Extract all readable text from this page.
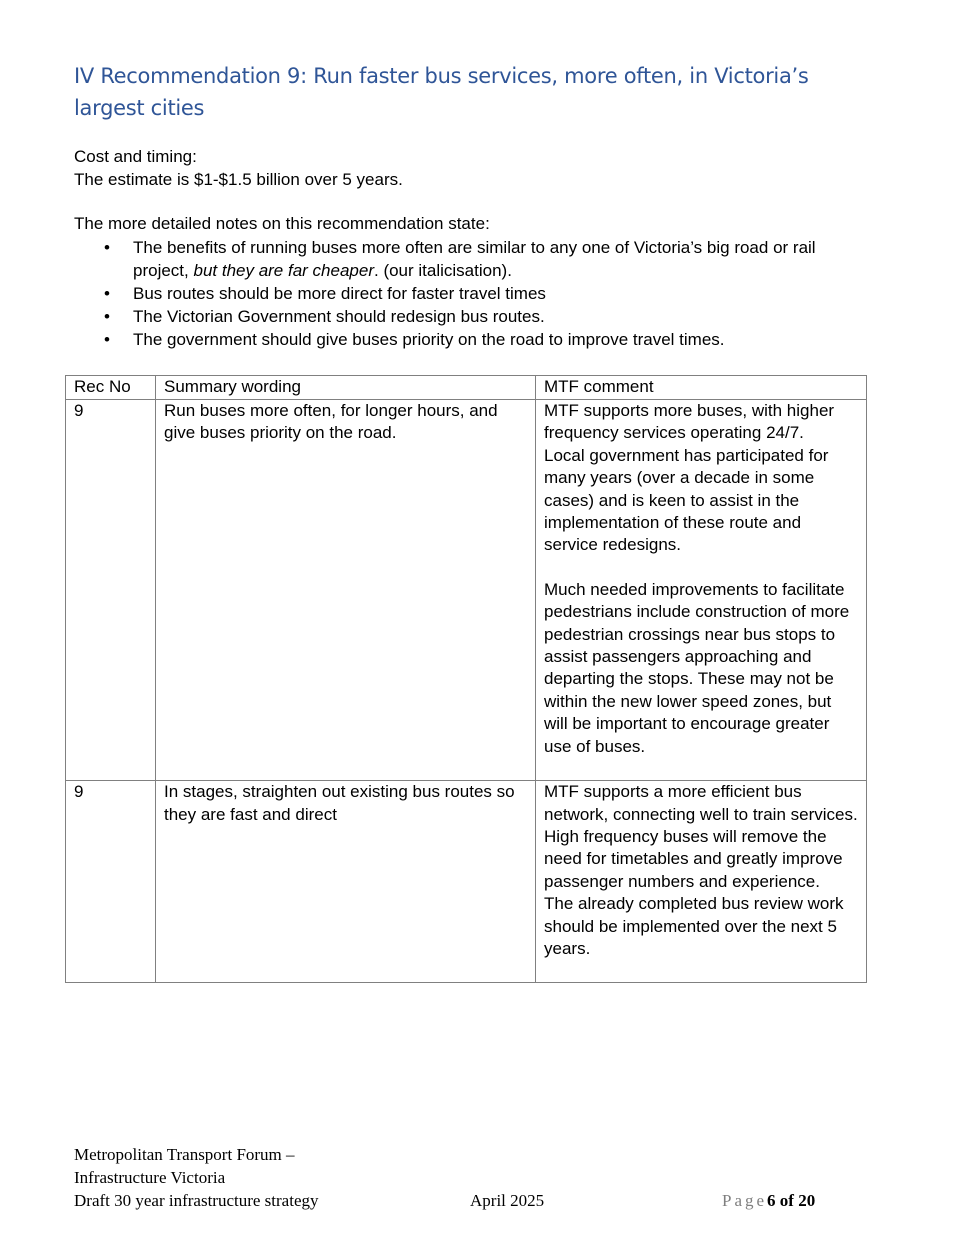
IV Recommendation 9: Run faster bus services, more often, in Victoria’s
largest cities
Cost and timing:
The estimate is $1-$1.5 billion over 5 years.
The more detailed notes on this recommendation state:
• The benefits of running buses more often are similar to any one of Victoria’s big road or rail project, but they are far cheaper. (our italicisation).
• Bus routes should be more direct for faster travel times
• The Victorian Government should redesign bus routes.
• The government should give buses priority on the road to improve travel times.
Rec No	Summary wording	MTF comment
9	Run buses more often, for longer hours, and give buses priority on the road.	MTF supports more buses, with higher frequency services operating 24/7.
Local government has participated for many years (over a decade in some cases) and is keen to assist in the implementation of these route and service redesigns.
Much needed improvements to facilitate pedestrians include construction of more pedestrian crossings near bus stops to assist passengers approaching and departing the stops. These may not be within the new lower speed zones, but will be important to encourage greater use of buses.

9	In stages, straighten out existing bus routes so they are fast and direct	MTF supports a more efficient bus network, connecting well to train services. High frequency buses will remove the need for timetables and greatly improve passenger numbers and experience.
The already completed bus review work should be implemented over the next 5 years.
Metropolitan Transport Forum –
Infrastructure Victoria
Draft 30 year infrastructure strategy	April 2025	Page6 of 20
